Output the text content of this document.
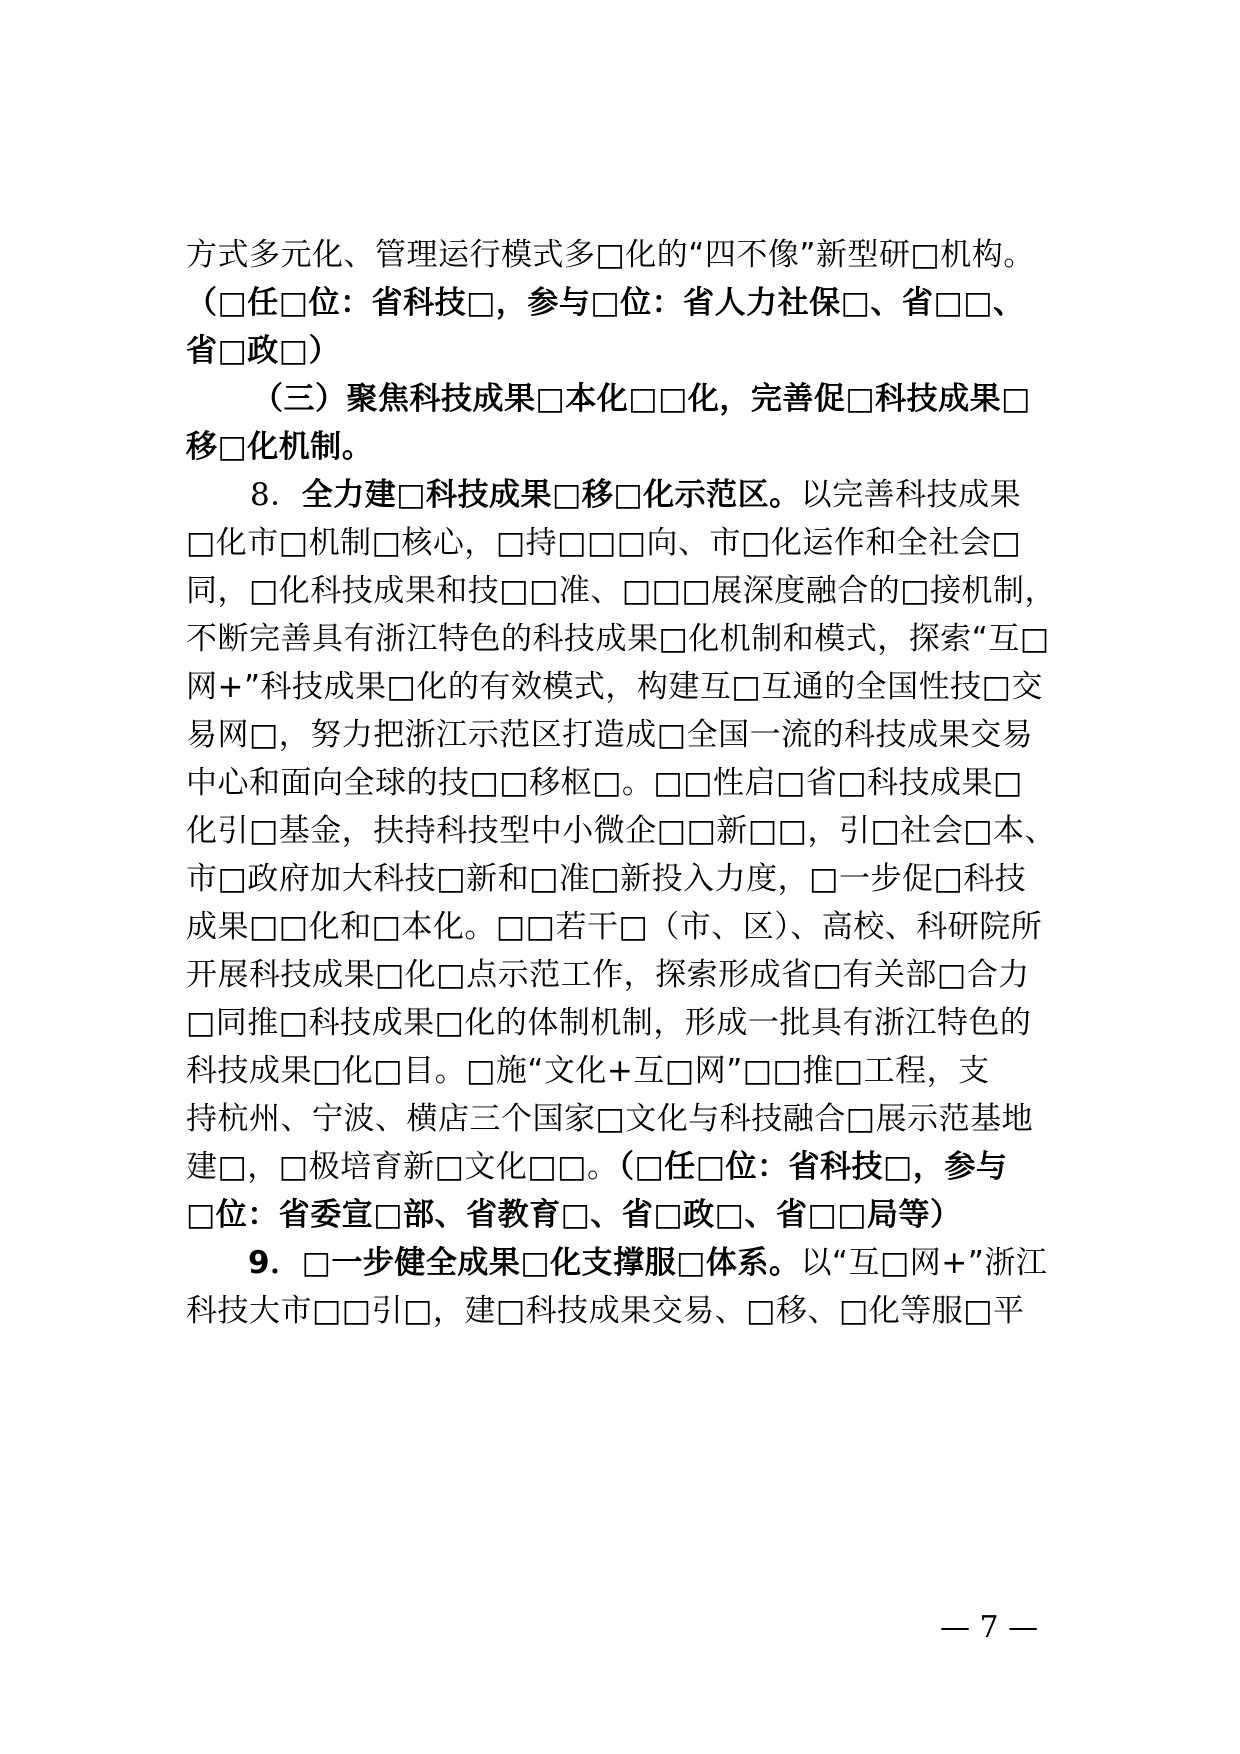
方式多元化、管理运行模式多□化的“四不像”新型研□机构。
（□任□位：省科技□，参与□位：省人力社保□、省□□、
省□政□）
（三）聚焦科技成果□本化□□化，完善促□科技成果□
移□化机制。
8．全力建□科技成果□移□化示范区。以完善科技成果
□化市□机制□核心，□持□□□向、市□化运作和全社会□
同，□化科技成果和技□□准、□□□展深度融合的□接机制，
不断完善具有浙江特色的科技成果□化机制和模式，探索“互□
网+”科技成果□化的有效模式，构建互□互通的全国性技□交
易网□，努力把浙江示范区打造成□全国一流的科技成果交易
中心和面向全球的技□□移枢□。□□性启□省□科技成果□
化引□基金，扶持科技型中小微企□□新□□，引□社会□本、
市□政府加大科技□新和□准□新投入力度，□一步促□科技
成果□□化和□本化。□□若干□（市、区）、高校、科研院所
开展科技成果□化□点示范工作，探索形成省□有关部□合力
□同推□科技成果□化的体制机制，形成一批具有浙江特色的
科技成果□化□目。□施“文化+互□网”□□推□工程，支
持杭州、宁波、横店三个国家□文化与科技融合□展示范基地
建□，□极培育新□文化□□。（□任□位：省科技□，参与
□位：省委宣□部、省教育□、省□政□、省□□局等）
9．□一步健全成果□化支撑服□体系。以“互□网+”浙江
科技大市□□引□，建□科技成果交易、□移、□化等服□平
— 7 —
